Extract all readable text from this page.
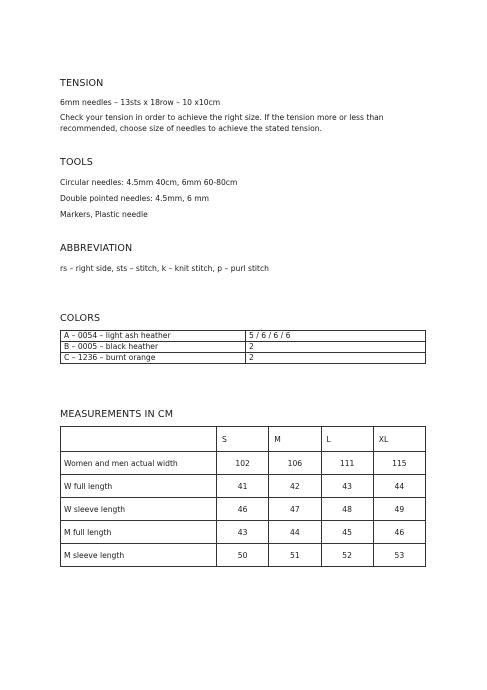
TENSION
6mm needles – 13sts x 18row – 10 x10cm
Check your tension in order to achieve the right size. If the tension more or less than
recommended, choose size of needles to achieve the stated tension.
TOOLS
Circular needles: 4.5mm 40cm, 6mm 60-80cm
Double pointed needles: 4.5mm, 6 mm
Markers, Plastic needle
ABBREVIATION
rs – right side, sts – stitch, k – knit stitch, p – purl stitch
COLORS
A – 0054 – light ash heather	5 / 6 / 6 / 6
B – 0005 – black heather	2
C – 1236 – burnt orange	2
MEASUREMENTS IN CM
	S	M	L	XL
Women and men actual width	102	106	111	115
W full length	41	42	43	44
W sleeve length	46	47	48	49
M full length	43	44	45	46
M sleeve length	50	51	52	53
